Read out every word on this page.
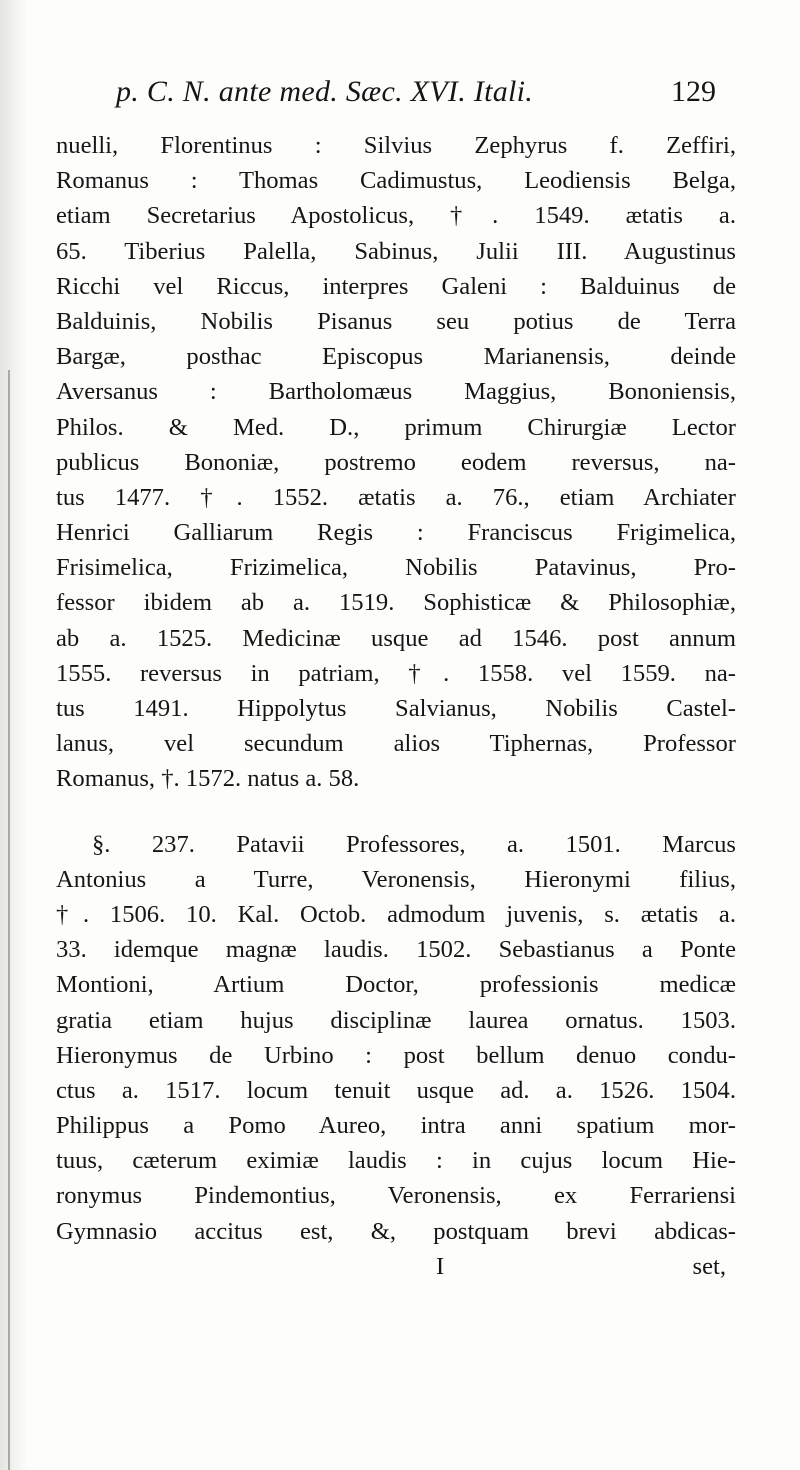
p. C. N. ante med. Sæc. XVI. Itali.	129
nuelli, Florentinus : Silvius Zephyrus f. Zeffiri,
Romanus : Thomas Cadimustus, Leodiensis Belga,
etiam Secretarius Apostolicus, †. 1549. ætatis a.
65. Tiberius Palella, Sabinus, Julii III. Augustinus
Ricchi vel Riccus, interpres Galeni : Balduinus de
Balduinis, Nobilis Pisanus seu potius de Terra
Bargæ, posthac Episcopus Marianensis, deinde
Aversanus : Bartholomæus Maggius, Bononiensis,
Philos. & Med. D., primum Chirurgiæ Lector
publicus Bononiæ, postremo eodem reversus, na-
tus 1477. †. 1552. ætatis a. 76., etiam Archiater
Henrici Galliarum Regis : Franciscus Frigimelica,
Frisimelica, Frizimelica, Nobilis Patavinus, Pro-
fessor ibidem ab a. 1519. Sophisticæ & Philosophiæ,
ab a. 1525. Medicinæ usque ad 1546. post annum
1555. reversus in patriam, †. 1558. vel 1559. na-
tus 1491. Hippolytus Salvianus, Nobilis Castel-
lanus, vel secundum alios Tiphernas, Professor
Romanus, †. 1572. natus a. 58.
§. 237. Patavii Professores, a. 1501. Marcus
Antonius a Turre, Veronensis, Hieronymi filius,
†. 1506. 10. Kal. Octob. admodum juvenis, s. ætatis a.
33. idemque magnæ laudis. 1502. Sebastianus a Ponte
Montioni, Artium Doctor, professionis medicæ
gratia etiam hujus disciplinæ laurea ornatus. 1503.
Hieronymus de Urbino : post bellum denuo condu-
ctus a. 1517. locum tenuit usque ad. a. 1526. 1504.
Philippus a Pomo Aureo, intra anni spatium mor-
tuus, cæterum eximiæ laudis : in cujus locum Hie-
ronymus Pindemontius, Veronensis, ex Ferrariensi
Gymnasio accitus est, &, postquam brevi abdicas-
I	set,
